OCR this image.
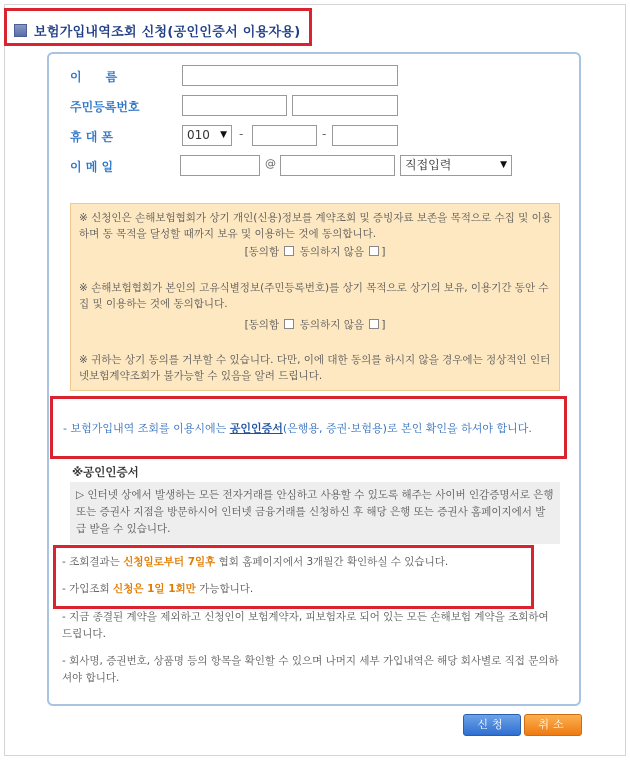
보험가입내역조회 신청(공인인증서 이용자용)
이　　름
주민등록번호
휴 대 폰	010 ▼ -	-
이 메 일	@	직접입력	▼

※ 신청인은 손해보험협회가 상기 개인(신용)정보를 계약조회 및 증빙자료 보존을 목적으로 수집 및 이용하며 동 목적을 달성할 때까지 보유 및 이용하는 것에 동의합니다.

[동의함 동의하지 않음 ]

※ 손해보험협회가 본인의 고유식별정보(주민등록번호)를 상기 목적으로 상기의 보유, 이용기간 동안 수집 및 이용하는 것에 동의합니다.

[동의함 동의하지 않음 ]

※ 귀하는 상기 동의를 거부할 수 있습니다. 다만, 이에 대한 동의를 하시지 않을 경우에는 정상적인 인터넷보험계약조회가 불가능할 수 있음을 알려 드립니다.

- 보험가입내역 조회를 이용시에는 공인인증서(은행용, 증권·보험용)로 본인 확인을 하셔야 합니다.

※공인인증서

▷ 인터넷 상에서 발생하는 모든 전자거래를 안심하고 사용할 수 있도록 해주는 사이버 인감증명서로 은행 또는 증권사 지점을 방문하시어 인터넷 금융거래를 신청하신 후 해당 은행 또는 증권사 홈페이지에서 발급 받을 수 있습니다.

- 조회결과는 신청일로부터 7일후 협회 홈페이지에서 3개월간 확인하실 수 있습니다.
- 가입조회 신청은 1일 1회만 가능합니다.
- 지금 종결된 계약을 제외하고 신청인이 보험계약자, 피보험자로 되어 있는 모든 손해보험 계약을 조회하여 드립니다.
- 회사명, 증권번호, 상품명 등의 항목을 확인할 수 있으며 나머지 세부 가입내역은 해당 회사별로 직접 문의하셔야 합니다.
신청	취소
